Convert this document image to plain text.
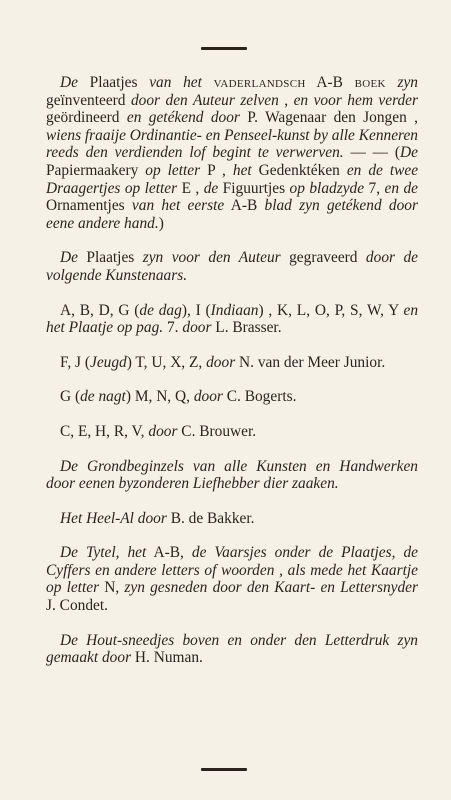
De Plaatjes van het vaderlandsch A-B boek zyn geïnventeerd door den Auteur zelven , en voor hem verder geördineerd en getékend door P. Wagenaar den Jongen , wiens fraaije Ordinantie- en Penseel-kunst by alle Kenneren reeds den verdienden lof begint te verwerven. — — (De Papiermaakery op letter P , het Gedenktéken en de twee Draagertjes op letter E , de Figuurtjes op bladzyde 7, en de Ornamentjes van het eerste A-B blad zyn getékend door eene andere hand.)

De Plaatjes zyn voor den Auteur gegraveerd door de volgende Kunstenaars.

A, B, D, G (de dag), I (Indiaan) , K, L, O, P, S, W, Y en het Plaatje op pag. 7. door L. Brasser.

F, J (Jeugd) T, U, X, Z, door N. van der Meer Junior.

G (de nagt) M, N, Q, door C. Bogerts.

C, E, H, R, V, door C. Brouwer.

De Grondbeginzels van alle Kunsten en Handwerken door eenen byzonderen Liefhebber dier zaaken.

Het Heel-Al door B. de Bakker.

De Tytel, het A-B, de Vaarsjes onder de Plaatjes, de Cyffers en andere letters of woorden , als mede het Kaartje op letter N, zyn gesneden door den Kaart- en Lettersnyder J. Condet.

De Hout-sneedjes boven en onder den Letterdruk zyn gemaakt door H. Numan.
